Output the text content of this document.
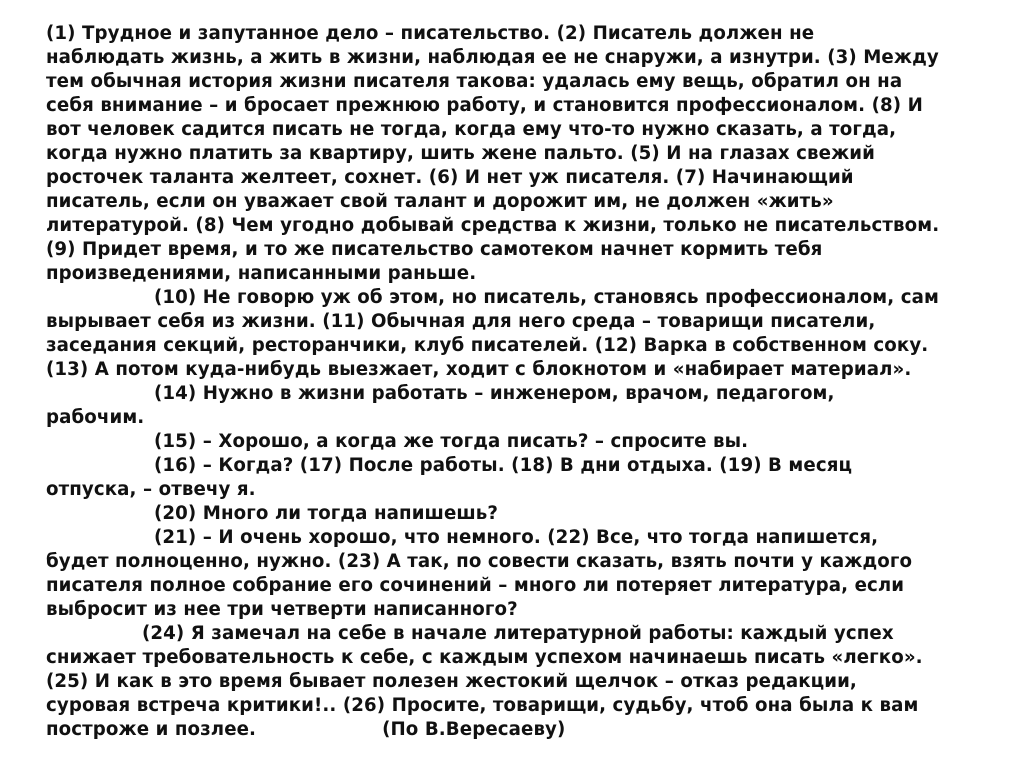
(1) Трудное и запутанное дело – писательство. (2) Писатель должен не
наблюдать жизнь, а жить в жизни, наблюдая ее не снаружи, а изнутри. (3) Между
тем обычная история жизни писателя такова: удалась ему вещь, обратил он на
себя внимание – и бросает прежнюю работу, и становится профессионалом. (8) И
вот человек садится писать не тогда, когда ему что-то нужно сказать, а тогда,
когда нужно платить за квартиру, шить жене пальто. (5) И на глазах свежий
росточек таланта желтеет, сохнет. (6) И нет уж писателя. (7) Начинающий
писатель, если он уважает свой талант и дорожит им, не должен «жить»
литературой. (8) Чем угодно добывай средства к жизни, только не писательством.
(9) Придет время, и то же писательство самотеком начнет кормить тебя
произведениями, написанными раньше.
(10) Не говорю уж об этом, но писатель, становясь профессионалом, сам
вырывает себя из жизни. (11) Обычная для него среда – товарищи писатели,
заседания секций, ресторанчики, клуб писателей. (12) Варка в собственном соку.
(13) А потом куда-нибудь выезжает, ходит с блокнотом и «набирает материал».
(14) Нужно в жизни работать – инженером, врачом, педагогом,
рабочим.
(15) – Хорошо, а когда же тогда писать? – спросите вы.
(16) – Когда? (17) После работы. (18) В дни отдыха. (19) В месяц
отпуска, – отвечу я.
(20) Много ли тогда напишешь?
(21) – И очень хорошо, что немного. (22) Все, что тогда напишется,
будет полноценно, нужно. (23) А так, по совести сказать, взять почти у каждого
писателя полное собрание его сочинений – много ли потеряет литература, если
выбросит из нее три четверти написанного?
(24) Я замечал на себе в начале литературной работы: каждый успех
снижает требовательность к себе, с каждым успехом начинаешь писать «легко».
(25) И как в это время бывает полезен жестокий щелчок – отказ редакции,
суровая встреча критики!.. (26) Просите, товарищи, судьбу, чтоб она была к вам
построже и позлее.	(По В.Вересаеву)
